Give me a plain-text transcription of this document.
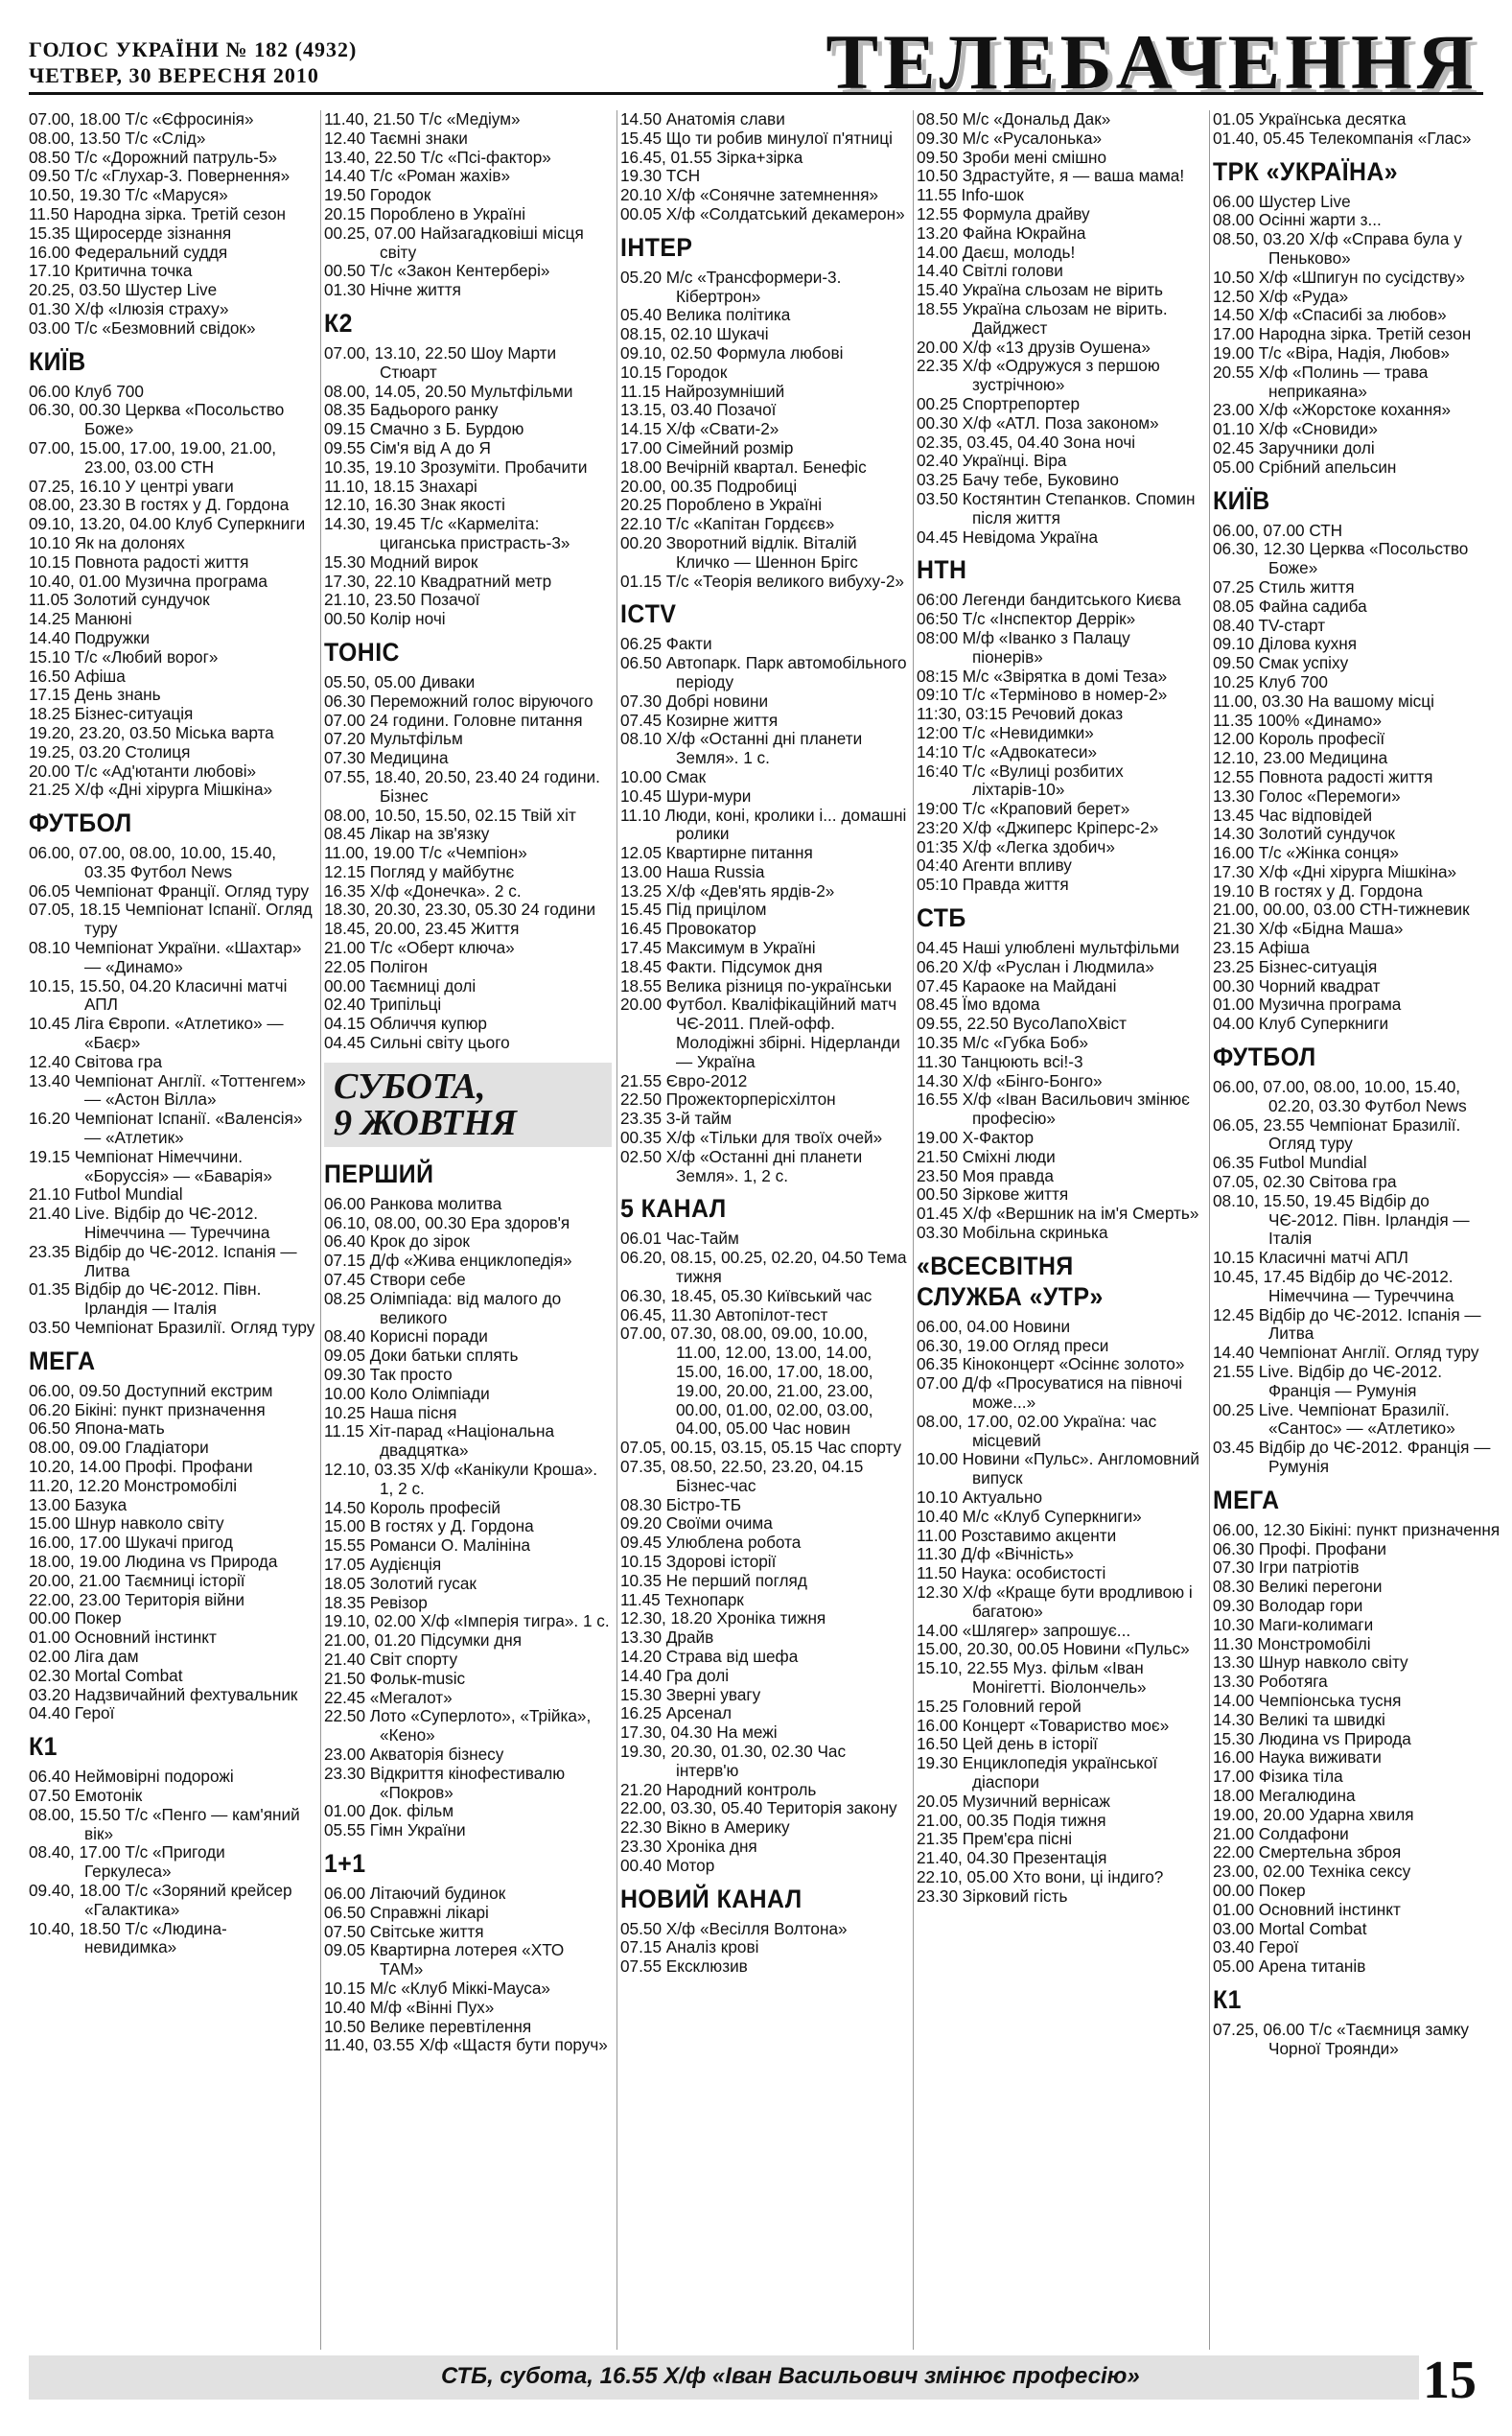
ГОЛОС УКРАЇНИ № 182 (4932)
ЧЕТВЕР, 30 ВЕРЕСНЯ 2010	ТЕЛЕБАЧЕННЯ
07.00, 18.00 Т/с «Єфросинія»
08.00, 13.50 Т/с «Слід»
08.50 Т/с «Дорожний патруль-5»
09.50 Т/с «Глухар-3. Повернення»
10.50, 19.30 Т/с «Маруся»
11.50 Народна зірка. Третій сезон
15.35 Щиросерде зізнання
16.00 Федеральний суддя
17.10 Критична точка
20.25, 03.50 Шустер Live
01.30 Х/ф «Ілюзія страху»
03.00 Т/с «Безмовний свідок»
КИЇВ
06.00 Клуб 700
06.30, 00.30 Церква «Посольство Боже»
07.00, 15.00, 17.00, 19.00, 21.00, 23.00, 03.00 СТН
07.25, 16.10 У центрі уваги
08.00, 23.30 В гостях у Д. Гордона
09.10, 13.20, 04.00 Клуб Суперкниги
10.10 Як на долонях
10.15 Повнота радості життя
10.40, 01.00 Музична програма
11.05 Золотий сундучок
14.25 Манюні
14.40 Подружки
15.10 Т/с «Любий ворог»
16.50 Афіша
17.15 День знань
18.25 Бізнес-ситуація
19.20, 23.20, 03.50 Міська варта
19.25, 03.20 Столиця
20.00 Т/с «Ад'ютанти любові»
21.25 Х/ф «Дні хірурга Мішкіна»
ФУТБОЛ
06.00, 07.00, 08.00, 10.00, 15.40, 03.35 Футбол News
06.05 Чемпіонат Франції. Огляд туру
07.05, 18.15 Чемпіонат Іспанії. Огляд туру
08.10 Чемпіонат України. «Шахтар» — «Динамо»
10.15, 15.50, 04.20 Класичні матчі АПЛ
10.45 Ліга Європи. «Атлетико» — «Баєр»
12.40 Світова гра
13.40 Чемпіонат Англії. «Тоттенгем» — «Астон Вілла»
16.20 Чемпіонат Іспанії. «Валенсія» — «Атлетик»
19.15 Чемпіонат Німеччини. «Боруссія» — «Баварія»
21.10 Futbol Mundial
21.40 Live. Відбір до ЧЄ-2012. Німеччина — Туреччина
23.35 Відбір до ЧЄ-2012. Іспанія — Литва
01.35 Відбір до ЧЄ-2012. Півн. Ірландія — Італія
03.50 Чемпіонат Бразилії. Огляд туру
МЕГА
06.00, 09.50 Доступний екстрим
06.20 Бікіні: пункт призначення
06.50 Япона-мать
08.00, 09.00 Гладіатори
10.20, 14.00 Профі. Профани
11.20, 12.20 Монстромобілі
13.00 Базука
15.00 Шнур навколо світу
16.00, 17.00 Шукачі пригод
18.00, 19.00 Людина vs Природа
20.00, 21.00 Таємниці історії
22.00, 23.00 Територія війни
00.00 Покер
01.00 Основний інстинкт
02.00 Ліга дам
02.30 Mortal Combat
03.20 Надзвичайний фехтувальник
04.40 Герої
К1
06.40 Неймовірні подорожі
07.50 Емотонік
08.00, 15.50 Т/с «Пенго — кам'яний вік»
08.40, 17.00 Т/с «Пригоди Геркулеса»
09.40, 18.00 Т/с «Зоряний крейсер «Галактика»
10.40, 18.50 Т/с «Людина-невидимка»
11.40, 21.50 Т/с «Медіум»
12.40 Таємні знаки
13.40, 22.50 Т/с «Псі-фактор»
14.40 Т/с «Роман жахів»
19.50 Городок
20.15 Пороблено в Україні
00.25, 07.00 Найзагадковіші місця світу
00.50 Т/с «Закон Кентербері»
01.30 Нічне життя
К2
07.00, 13.10, 22.50 Шоу Марти Стюарт
08.00, 14.05, 20.50 Мультфільми
08.35 Бадьорого ранку
09.15 Смачно з Б. Бурдою
09.55 Сім'я від А до Я
10.35, 19.10 Зрозуміти. Пробачити
11.10, 18.15 Знахарі
12.10, 16.30 Знак якості
14.30, 19.45 Т/с «Кармеліта: циганська пристрасть-3»
15.30 Модний вирок
17.30, 22.10 Квадратний метр
21.10, 23.50 Позачої
00.50 Колір ночі
ТОНІС
05.50, 05.00 Диваки
06.30 Переможний голос віруючого
07.00 24 години. Головне питання
07.20 Мультфільм
07.30 Медицина
07.55, 18.40, 20.50, 23.40 24 години. Бізнес
08.00, 10.50, 15.50, 02.15 Твій хіт
08.45 Лікар на зв'язку
11.00, 19.00 Т/с «Чемпіон»
12.15 Погляд у майбутнє
16.35 Х/ф «Донечка». 2 с.
18.30, 20.30, 23.30, 05.30 24 години
18.45, 20.00, 23.45 Життя
21.00 Т/с «Оберт ключа»
22.05 Полігон
00.00 Таємниці долі
02.40 Трипільці
04.15 Обличчя купюр
04.45 Сильні світу цього
СУБОТА,
9 ЖОВТНЯ
ПЕРШИЙ
06.00 Ранкова молитва
06.10, 08.00, 00.30 Ера здоров'я
06.40 Крок до зірок
07.15 Д/ф «Жива енциклопедія»
07.45 Створи себе
08.25 Олімпіада: від малого до великого
08.40 Корисні поради
09.05 Доки батьки сплять
09.30 Так просто
10.00 Коло Олімпіади
10.25 Наша пісня
11.15 Хіт-парад «Національна двадцятка»
12.10, 03.35 Х/ф «Канікули Кроша». 1, 2 с.
14.50 Король професій
15.00 В гостях у Д. Гордона
15.55 Романси О. Малініна
17.05 Аудієнція
18.05 Золотий гусак
18.35 Ревізор
19.10, 02.00 Х/ф «Імперія тигра». 1 с.
21.00, 01.20 Підсумки дня
21.40 Світ спорту
21.50 Фольк-music
22.45 «Мегалот»
22.50 Лото «Суперлото», «Трійка», «Кено»
23.00 Акваторія бізнесу
23.30 Відкриття кінофестивалю «Покров»
01.00 Док. фільм
05.55 Гімн України
1+1
06.00 Літаючий будинок
06.50 Справжні лікарі
07.50 Світське життя
09.05 Квартирна лотерея «ХТО ТАМ»
10.15 М/с «Клуб Міккі-Мауса»
10.40 М/ф «Вінні Пух»
10.50 Велике перевтілення
11.40, 03.55 Х/ф «Щастя бути поруч»
14.50 Анатомія слави
15.45 Що ти робив минулої п'ятниці
16.45, 01.55 Зірка+зірка
19.30 ТСН
20.10 Х/ф «Сонячне затемнення»
00.05 Х/ф «Солдатський декамерон»
ІНТЕР
05.20 М/с «Трансформери-3. Кібертрон»
05.40 Велика політика
08.15, 02.10 Шукачі
09.10, 02.50 Формула любові
10.15 Городок
11.15 Найрозумніший
13.15, 03.40 Позачої
14.15 Х/ф «Свати-2»
17.00 Сімейний розмір
18.00 Вечірній квартал. Бенефіс
20.00, 00.35 Подробиці
20.25 Пороблено в Україні
22.10 Т/с «Капітан Гордєєв»
00.20 Зворотний відлік. Віталій Кличко — Шеннон Брігс
01.15 Т/с «Теорія великого вибуху-2»
ICTV
06.25 Факти
06.50 Автопарк. Парк автомобільного періоду
07.30 Добрі новини
07.45 Козирне життя
08.10 Х/ф «Останні дні планети Земля». 1 с.
10.00 Смак
10.45 Шури-мури
11.10 Люди, коні, кролики і... домашні ролики
12.05 Квартирне питання
13.00 Наша Russia
13.25 Х/ф «Дев'ять ярдів-2»
15.45 Під прицілом
16.45 Провокатор
17.45 Максимум в Україні
18.45 Факти. Підсумок дня
18.55 Велика різниця по-українськи
20.00 Футбол. Кваліфікаційний матч ЧЄ-2011. Плей-офф. Молодіжні збірні. Нідерланди — Україна
21.55 Євро-2012
22.50 Прожекторперісхілтон
23.35 3-й тайм
00.35 Х/ф «Тільки для твоїх очей»
02.50 Х/ф «Останні дні планети Земля». 1, 2 с.
5 КАНАЛ
06.01 Час-Тайм
06.20, 08.15, 00.25, 02.20, 04.50 Тема тижня
06.30, 18.45, 05.30 Київський час
06.45, 11.30 Автопілот-тест
07.00, 07.30, 08.00, 09.00, 10.00, 11.00, 12.00, 13.00, 14.00, 15.00, 16.00, 17.00, 18.00, 19.00, 20.00, 21.00, 23.00, 00.00, 01.00, 02.00, 03.00, 04.00, 05.00 Час новин
07.05, 00.15, 03.15, 05.15 Час спорту
07.35, 08.50, 22.50, 23.20, 04.15 Бізнес-час
08.30 Бістро-ТБ
09.20 Своїми очима
09.45 Улюблена робота
10.15 Здорові історії
10.35 Не перший погляд
11.45 Технопарк
12.30, 18.20 Хроніка тижня
13.30 Драйв
14.20 Страва від шефа
14.40 Гра долі
15.30 Звернi увагу
16.25 Арсенал
17.30, 04.30 На межі
19.30, 20.30, 01.30, 02.30 Час інтерв'ю
21.20 Народний контроль
22.00, 03.30, 05.40 Територія закону
22.30 Вікно в Америку
23.30 Хроніка дня
00.40 Мотор
НОВИЙ КАНАЛ
05.50 Х/ф «Весілля Волтона»
07.15 Аналіз крові
07.55 Ексклюзив
08.50 М/с «Дональд Дак»
09.30 М/с «Русалонька»
09.50 Зроби мені смішно
10.50 Здрастуйте, я — ваша мама!
11.55 Info-шок
12.55 Формула драйву
13.20 Файна Юкрайна
14.00 Даєш, молодь!
14.40 Світлі голови
15.40 Україна сльозам не вірить
18.55 Україна сльозам не вірить. Дайджест
20.00 Х/ф «13 друзів Оушена»
22.35 Х/ф «Одружуся з першою зустрічною»
00.25 Спортрепортер
00.30 Х/ф «АТЛ. Поза законом»
02.35, 03.45, 04.40 Зона ночі
02.40 Українці. Віра
03.25 Бачу тебе, Буковино
03.50 Костянтин Степанков. Спомин після життя
04.45 Невідома Україна
НТН
06:00 Легенди бандитського Києва
06:50 Т/с «Інспектор Деррік»
08:00 М/ф «Іванко з Палацу піонерів»
08:15 М/с «Звіряткa в домі Теза»
09:10 Т/с «Терміново в номер-2»
11:30, 03:15 Речовий доказ
12:00 Т/с «Невидимки»
14:10 Т/с «Адвокатеси»
16:40 Т/с «Вулиці розбитих ліхтарів-10»
19:00 Т/с «Краповий берет»
23:20 Х/ф «Джиперс Кріперс-2»
01:35 Х/ф «Легка здобич»
04:40 Агенти впливу
05:10 Правда життя
СТБ
04.45 Наші улюблені мультфільми
06.20 Х/ф «Руслан і Людмила»
07.45 Караоке на Майдані
08.45 Їмо вдома
09.55, 22.50 ВусоЛапоХвіст
10.35 М/с «Губка Боб»
11.30 Танцюють всі!-3
14.30 Х/ф «Бінго-Бонго»
16.55 Х/ф «Іван Васильович змінює професію»
19.00 Х-Фактор
21.50 Сміхні люди
23.50 Моя правда
00.50 Зіркове життя
01.45 Х/ф «Вершник на ім'я Смерть»
03.30 Мобільна скринька
«ВСЕСВІТНЯ СЛУЖБА «УТР»
06.00, 04.00 Новини
06.30, 19.00 Огляд преси
06.35 Кіноконцерт «Осіннє золото»
07.00 Д/ф «Просуватися на півночі може...»
08.00, 17.00, 02.00 Україна: час місцевий
10.00 Новини «Пульс». Англомовний випуск
10.10 Актуально
10.40 М/с «Клуб Суперкниги»
11.00 Розставимо акценти
11.30 Д/ф «Вічність»
11.50 Наука: особистості
12.30 Х/ф «Краще бути вродливою і багатою»
14.00 «Шлягер» запрошує...
15.00, 20.30, 00.05 Новини «Пульс»
15.10, 22.55 Муз. фільм «Іван Монігетті. Віолончель»
15.25 Головний герой
16.00 Концерт «Товариство моє»
16.50 Цей день в історії
19.30 Енциклопедія української діаспори
20.05 Музичний вернісаж
21.00, 00.35 Подія тижня
21.35 Прем'єра пісні
21.40, 04.30 Презентація
22.10, 05.00 Хто вони, ці індиго?
23.30 Зірковий гість
01.05 Українська десятка
01.40, 05.45 Телекомпанія «Глас»
ТРК «УКРАЇНА»
06.00 Шустер Live
08.00 Осінні жарти з...
08.50, 03.20 Х/ф «Справа була у Пеньково»
10.50 Х/ф «Шпигун по сусідству»
12.50 Х/ф «Руда»
14.50 Х/ф «Спасибі за любов»
17.00 Народна зірка. Третій сезон
19.00 Т/с «Віра, Надія, Любов»
20.55 Х/ф «Полинь — трава неприкаяна»
23.00 Х/ф «Жорстоке кохання»
01.10 Х/ф «Сновиди»
02.45 Заручники долі
05.00 Срібний апельсин
КИЇВ
06.00, 07.00 СТН
06.30, 12.30 Церква «Посольство Боже»
07.25 Стиль життя
08.05 Файна садиба
08.40 TV-старт
09.10 Ділова кухня
09.50 Смак успіху
10.25 Клуб 700
11.00, 03.30 На вашому місці
11.35 100% «Динамо»
12.00 Король професії
12.10, 23.00 Медицина
12.55 Повнота радості життя
13.30 Голос «Перемоги»
13.45 Час відповідей
14.30 Золотий сундучок
16.00 Т/с «Жінка сонця»
17.30 Х/ф «Дні хірурга Мішкіна»
19.10 В гостях у Д. Гордона
21.00, 00.00, 03.00 СТН-тижневик
21.30 Х/ф «Бідна Маша»
23.15 Афіша
23.25 Бізнес-ситуація
00.30 Чорний квадрат
01.00 Музична програма
04.00 Клуб Суперкниги
ФУТБОЛ
06.00, 07.00, 08.00, 10.00, 15.40, 02.20, 03.30 Футбол News
06.05, 23.55 Чемпіонат Бразилії. Огляд туру
06.35 Futbol Mundial
07.05, 02.30 Світова гра
08.10, 15.50, 19.45 Відбір до ЧЄ-2012. Півн. Ірландія — Італія
10.15 Класичні матчі АПЛ
10.45, 17.45 Відбір до ЧЄ-2012. Німеччина — Туреччина
12.45 Відбір до ЧЄ-2012. Іспанія — Литва
14.40 Чемпіонат Англії. Огляд туру
21.55 Live. Відбір до ЧЄ-2012. Франція — Румунія
00.25 Live. Чемпіонат Бразилії. «Сантос» — «Атлетико»
03.45 Відбір до ЧЄ-2012. Франція — Румунія
МЕГА
06.00, 12.30 Бікіні: пункт призначення
06.30 Профі. Профани
07.30 Ігри патріотів
08.30 Великі перегони
09.30 Володар гори
10.30 Маги-колимаги
11.30 Монстромобілі
13.30 Шнур навколо світу
13.30 Роботяга
14.00 Чемпіонська тусня
14.30 Великі та швидкі
15.30 Людина vs Природа
16.00 Наука виживати
17.00 Фізика тіла
18.00 Мегалюдина
19.00, 20.00 Ударна хвиля
21.00 Солдафони
22.00 Смертельна зброя
23.00, 02.00 Техніка сексу
00.00 Покер
01.00 Основний інстинкт
03.00 Mortal Combat
03.40 Герої
05.00 Арена титанів
К1
07.25, 06.00 Т/с «Таємниця замку Чорної Троянди»
СТБ, субота, 16.55 Х/ф «Іван Васильович змінює професію»	15
